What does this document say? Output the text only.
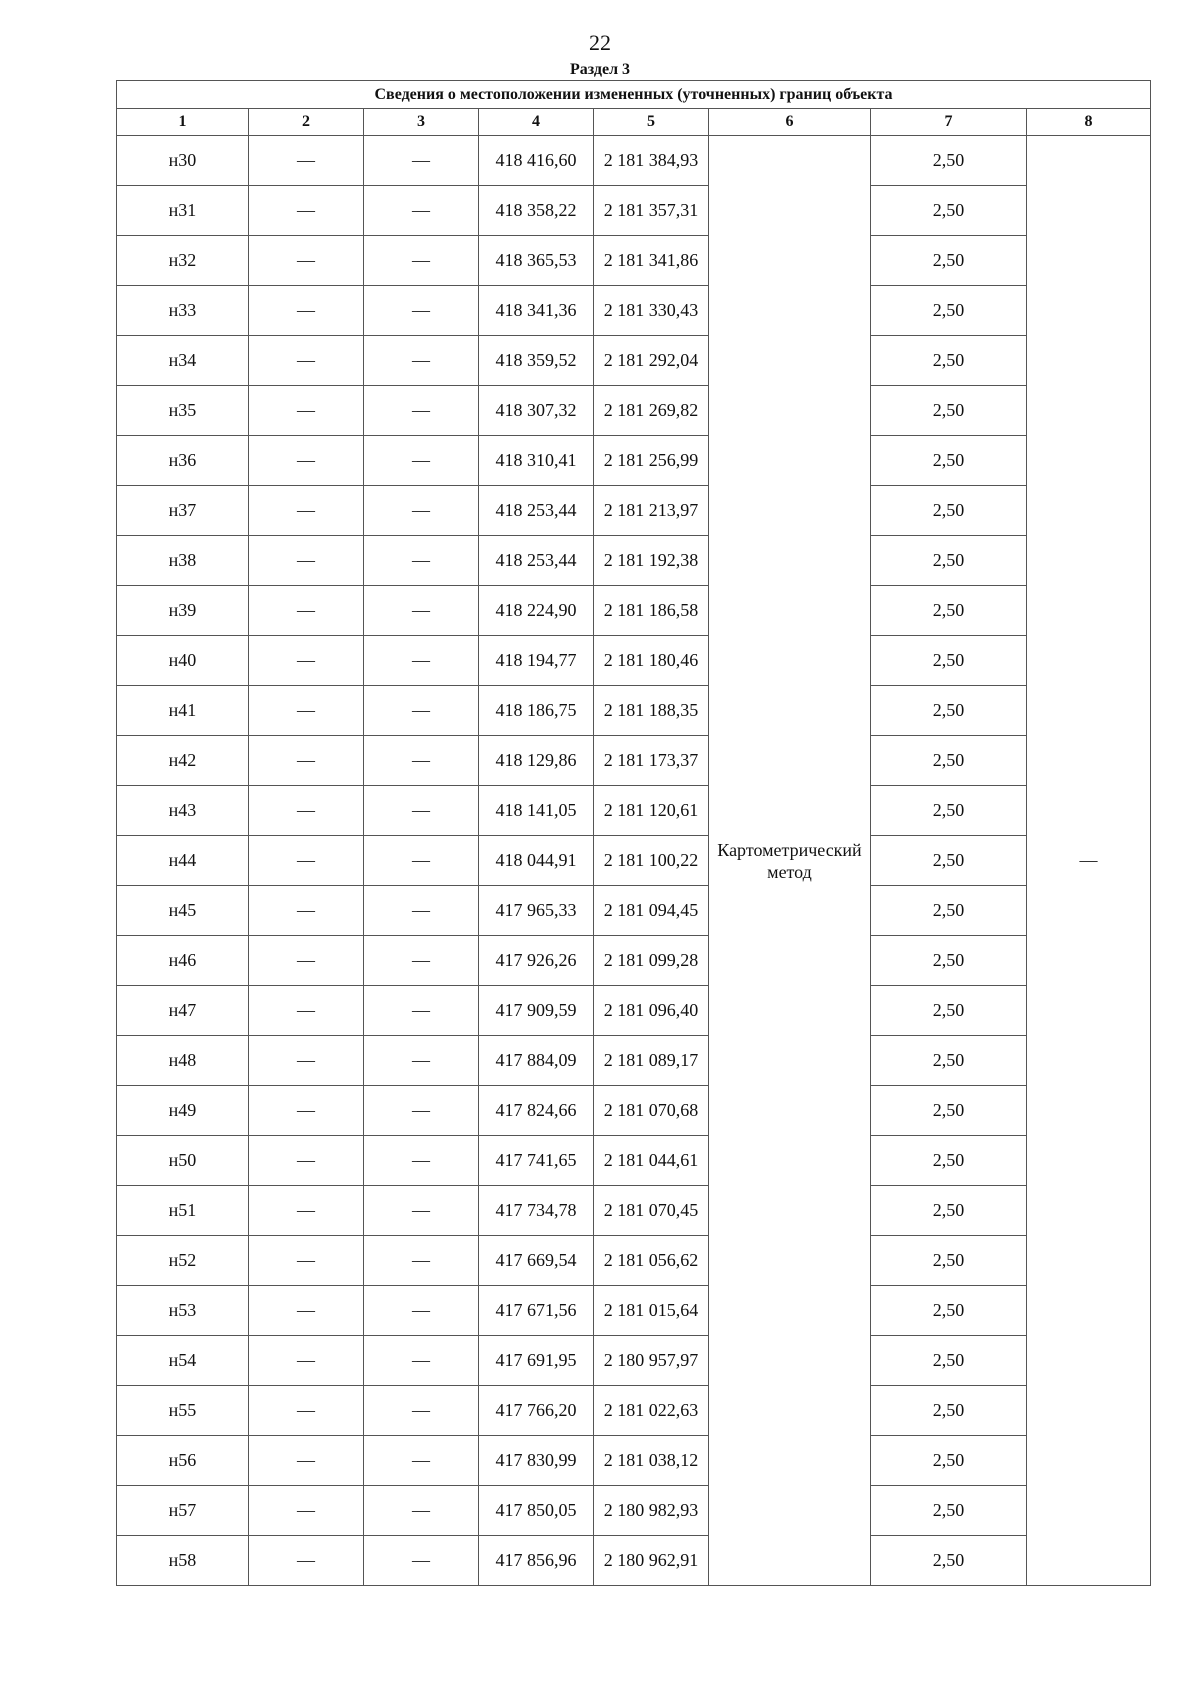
22
Раздел 3
Сведения о местоположении измененных (уточненных) границ объекта							
1	2	3	4	5	6	7	8
н30	—	—	418 416,60	2 181 384,93	Картометрический метод	2,50	—
н31	—	—	418 358,22	2 181 357,31		2,50	
н32	—	—	418 365,53	2 181 341,86		2,50	
н33	—	—	418 341,36	2 181 330,43		2,50	
н34	—	—	418 359,52	2 181 292,04		2,50	
н35	—	—	418 307,32	2 181 269,82		2,50	
н36	—	—	418 310,41	2 181 256,99		2,50	
н37	—	—	418 253,44	2 181 213,97		2,50	
н38	—	—	418 253,44	2 181 192,38		2,50	
н39	—	—	418 224,90	2 181 186,58		2,50	
н40	—	—	418 194,77	2 181 180,46		2,50	
н41	—	—	418 186,75	2 181 188,35		2,50	
н42	—	—	418 129,86	2 181 173,37		2,50	
н43	—	—	418 141,05	2 181 120,61		2,50	
н44	—	—	418 044,91	2 181 100,22		2,50	
н45	—	—	417 965,33	2 181 094,45		2,50	
н46	—	—	417 926,26	2 181 099,28		2,50	
н47	—	—	417 909,59	2 181 096,40		2,50	
н48	—	—	417 884,09	2 181 089,17		2,50	
н49	—	—	417 824,66	2 181 070,68		2,50	
н50	—	—	417 741,65	2 181 044,61		2,50	
н51	—	—	417 734,78	2 181 070,45		2,50	
н52	—	—	417 669,54	2 181 056,62		2,50	
н53	—	—	417 671,56	2 181 015,64		2,50	
н54	—	—	417 691,95	2 180 957,97		2,50	
н55	—	—	417 766,20	2 181 022,63		2,50	
н56	—	—	417 830,99	2 181 038,12		2,50	
н57	—	—	417 850,05	2 180 982,93		2,50	
н58	—	—	417 856,96	2 180 962,91		2,50	
